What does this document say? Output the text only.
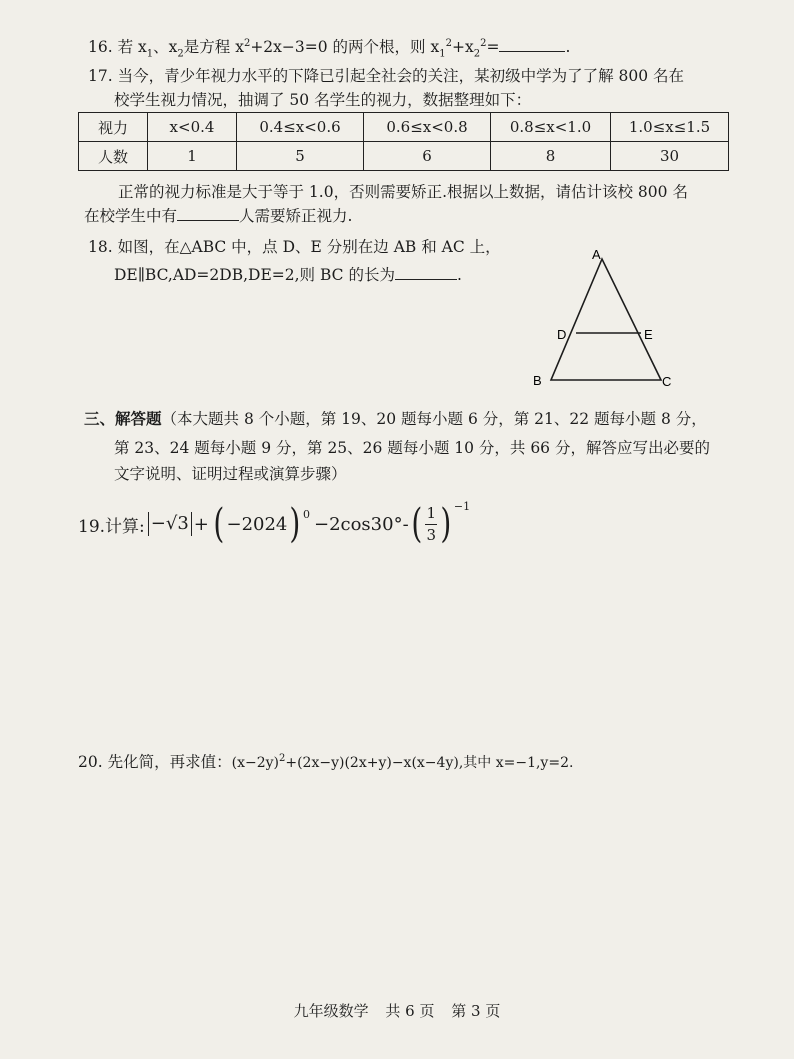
16. 若 $x_1$、$x_2$是方程 $x^2+2x-3=0$ 的两个根，则 $x_1^2+x_2^2=$	.
17. 当今，青少年视力水平的下降已引起全社会的关注，某初级中学为了了解 800 名在
校学生视力情况，抽调了 50 名学生的视力，数据整理如下：
视力	x<0.4	0.4≤x<0.6	0.6≤x<0.8	0.8≤x<1.0	1.0≤x≤1.5
人数	1	5	6	8	30
正常的视力标准是大于等于 1.0，否则需要矫正.根据以上数据，请估计该校 800 名
在校学生中有	人需要矫正视力.
18. 如图，在△ABC 中，点 D、E 分别在边 AB 和 AC 上，
DE∥BC,AD=2DB,DE=2,则 BC 的长为	.
A
D	E
B	C
三、解答题（本大题共 8 个小题，第 19、20 题每小题 6 分，第 21、22 题每小题 8 分，
第 23、24 题每小题 9 分，第 25、26 题每小题 10 分，共 66 分，解答应写出必要的
文字说明、证明过程或演算步骤）
19.计算: −√3 + ( −2024 )$^0$ −2cos30°- ( $\frac{1}{3} )^{-1}$
20. 先化简，再求值：$(x-2y)^2+(2x-y)(2x+y)-x(x-4y)$,其中 x=−1,y=2.
九年级数学 共 6 页 第 3 页
